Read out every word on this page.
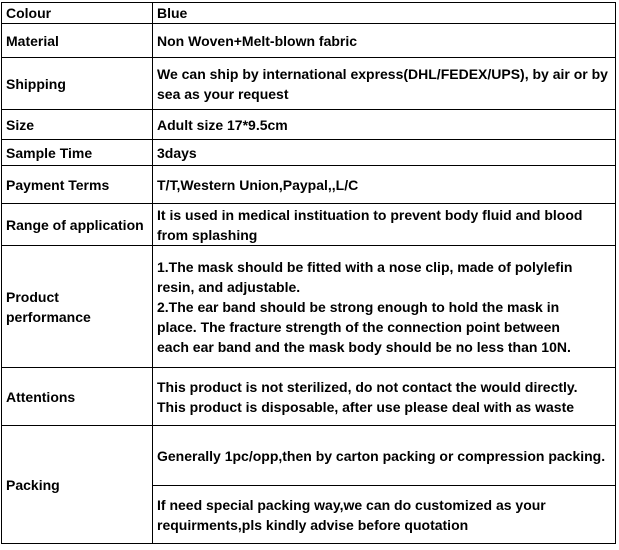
Colour	Blue
Material	Non Woven+Melt-blown fabric
Shipping	We can ship by international express(DHL/FEDEX/UPS), by air or by sea as your request

Size	Adult size 17*9.5cm
Sample Time	3days
Payment Terms	T/T,Western Union,Paypal,,L/C
Range of application	It is used in medical instituation to prevent body fluid and blood from splashing

Product
performance	1.The mask should be fitted with a nose clip, made of polylefin
resin, and adjustable.
2.The ear band should be strong enough to hold the mask in
place. The fracture strength of the connection point between
each ear band and the mask body should be no less than 10N.

Attentions	This product is not sterilized, do not contact the would directly.
This product is disposable, after use please deal with as waste

Packing	Generally 1pc/opp,then by carton packing or compression packing.

	If need special packing way,we can do customized as your requirments,pls kindly advise before quotation
